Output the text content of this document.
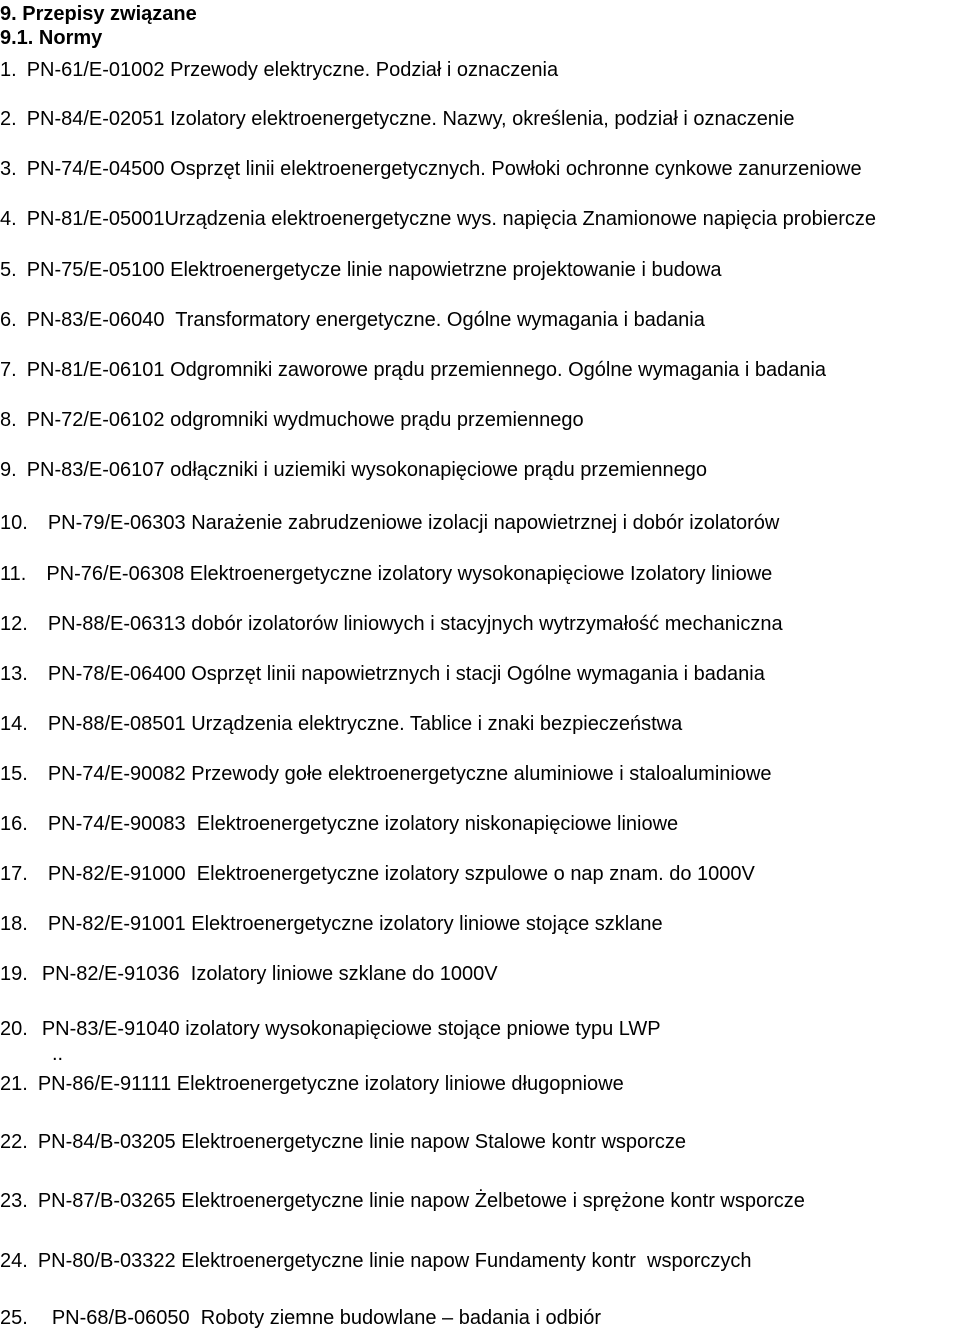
9. Przepisy związane
9.1. Normy
1. PN-61/E-01002 Przewody elektryczne. Podział i oznaczenia
2. PN-84/E-02051 Izolatory elektroenergetyczne. Nazwy, określenia, podział i oznaczenie
3. PN-74/E-04500 Osprzęt linii elektroenergetycznych. Powłoki ochronne cynkowe zanurzeniowe
4. PN-81/E-05001Urządzenia elektroenergetyczne wys. napięcia Znamionowe napięcia probiercze
5. PN-75/E-05100 Elektroenergetycze linie napowietrzne projektowanie i budowa
6. PN-83/E-06040  Transformatory energetyczne. Ogólne wymagania i badania
7. PN-81/E-06101 Odgromniki zaworowe prądu przemiennego. Ogólne wymagania i badania
8. PN-72/E-06102 odgromniki wydmuchowe prądu przemiennego
9. PN-83/E-06107 odłączniki i uziemiki wysokonapięciowe prądu przemiennego
10. PN-79/E-06303 Narażenie zabrudzeniowe izolacji napowietrznej i dobór izolatorów
11. PN-76/E-06308 Elektroenergetyczne izolatory wysokonapięciowe Izolatory liniowe
12. PN-88/E-06313 dobór izolatorów liniowych i stacyjnych wytrzymałość mechaniczna
13. PN-78/E-06400 Osprzęt linii napowietrznych i stacji Ogólne wymagania i badania
14. PN-88/E-08501 Urządzenia elektryczne. Tablice i znaki bezpieczeństwa
15. PN-74/E-90082 Przewody gołe elektroenergetyczne aluminiowe i staloaluminiowe
16. PN-74/E-90083  Elektroenergetyczne izolatory niskonapięciowe liniowe
17. PN-82/E-91000  Elektroenergetyczne izolatory szpulowe o nap znam. do 1000V
18. PN-82/E-91001 Elektroenergetyczne izolatory liniowe stojące szklane
19. PN-82/E-91036  Izolatory liniowe szklane do 1000V
20. PN-83/E-91040 izolatory wysokonapięciowe stojące pniowe typu LWP
21. PN-86/E-91111 Elektroenergetyczne izolatory liniowe długopniowe
22. PN-84/B-03205 Elektroenergetyczne linie napow Stalowe kontr wsporcze
23. PN-87/B-03265 Elektroenergetyczne linie napow Żelbetowe i sprężone kontr wsporcze
24. PN-80/B-03322 Elektroenergetyczne linie napow Fundamenty kontr  wsporczych
25. PN-68/B-06050  Roboty ziemne budowlane – badania i odbiór
..
